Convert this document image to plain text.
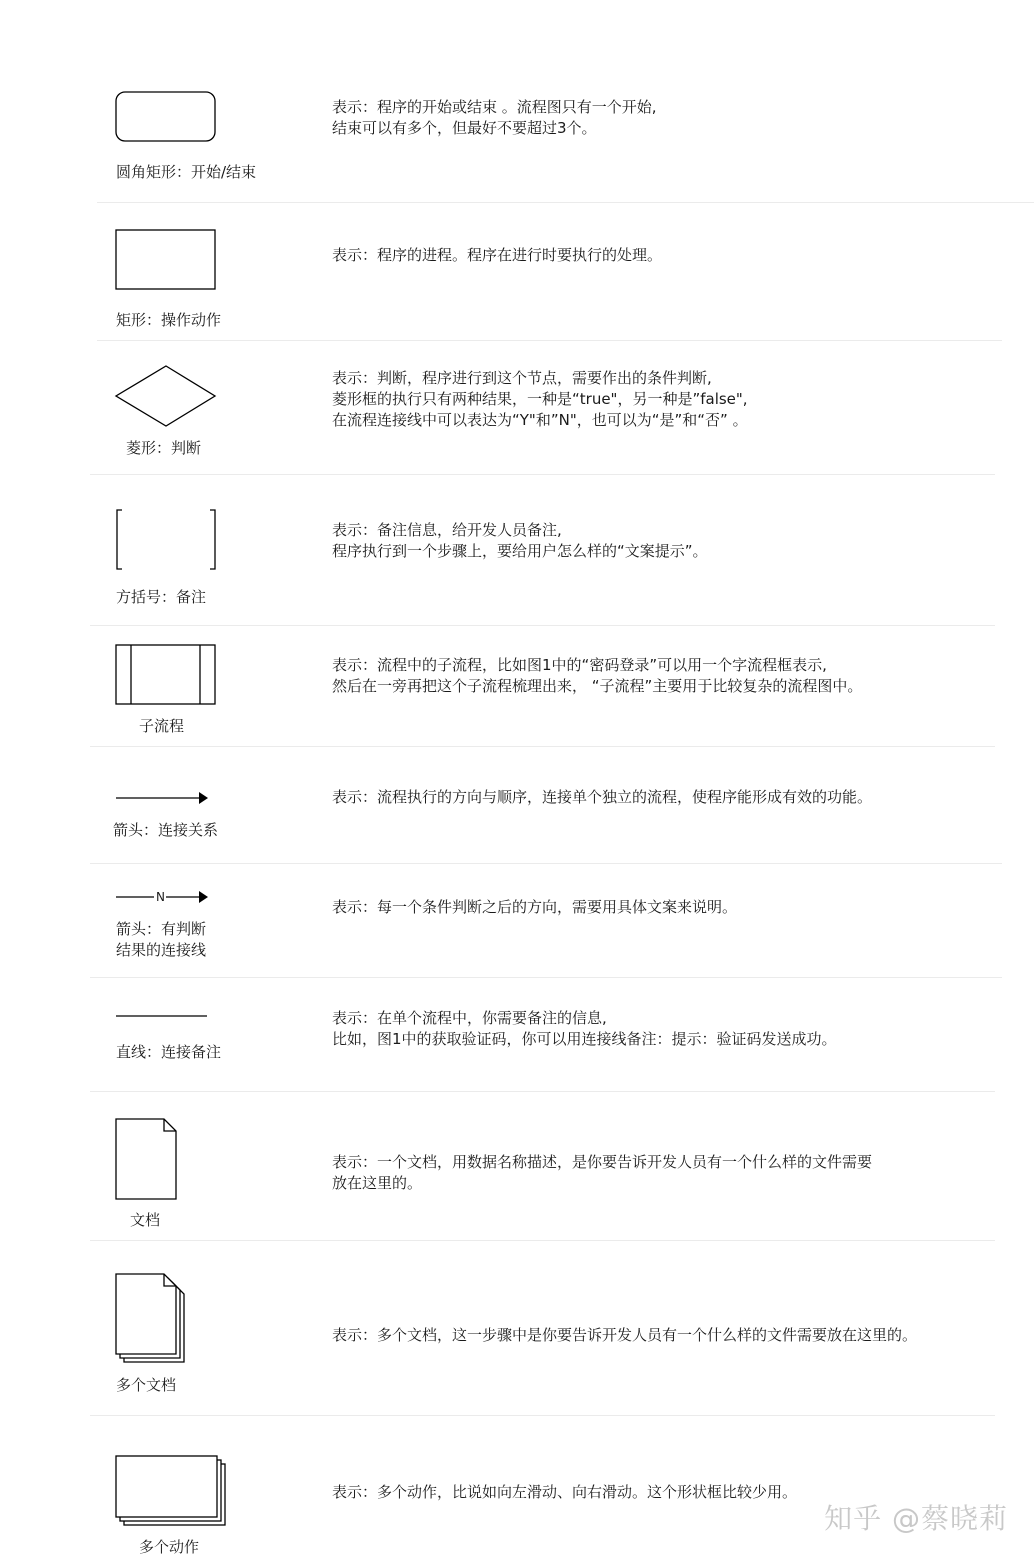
圆角矩形：开始/结束
表示：程序的开始或结束 。流程图只有一个开始,
结束可以有多个，但最好不要超过3个。
矩形：操作动作
表示：程序的进程。程序在进行时要执行的处理。
菱形：判断
表示：判断，程序进行到这个节点，需要作出的条件判断,
菱形框的执行只有两种结果，一种是“true"，另一种是”false",
在流程连接线中可以表达为“Y"和”N"，也可以为“是”和“否” 。
方括号：备注
表示：备注信息，给开发人员备注,
程序执行到一个步骤上，要给用户怎么样的“文案提示”。
子流程
表示：流程中的子流程，比如图1中的“密码登录”可以用一个字流程框表示,
然后在一旁再把这个子流程梳理出来， “子流程”主要用于比较复杂的流程图中。
箭头：连接关系
表示：流程执行的方向与顺序，连接单个独立的流程，使程序能形成有效的功能。
N
箭头：有判断
结果的连接线
表示：每一个条件判断之后的方向，需要用具体文案来说明。
直线：连接备注
表示：在单个流程中，你需要备注的信息,
比如，图1中的获取验证码，你可以用连接线备注：提示：验证码发送成功。
文档
表示：一个文档，用数据名称描述，是你要告诉开发人员有一个什么样的文件需要
放在这里的。
多个文档
表示：多个文档，这一步骤中是你要告诉开发人员有一个什么样的文件需要放在这里的。
多个动作
表示：多个动作，比说如向左滑动、向右滑动。这个形状框比较少用。
知乎 @蔡晓莉
